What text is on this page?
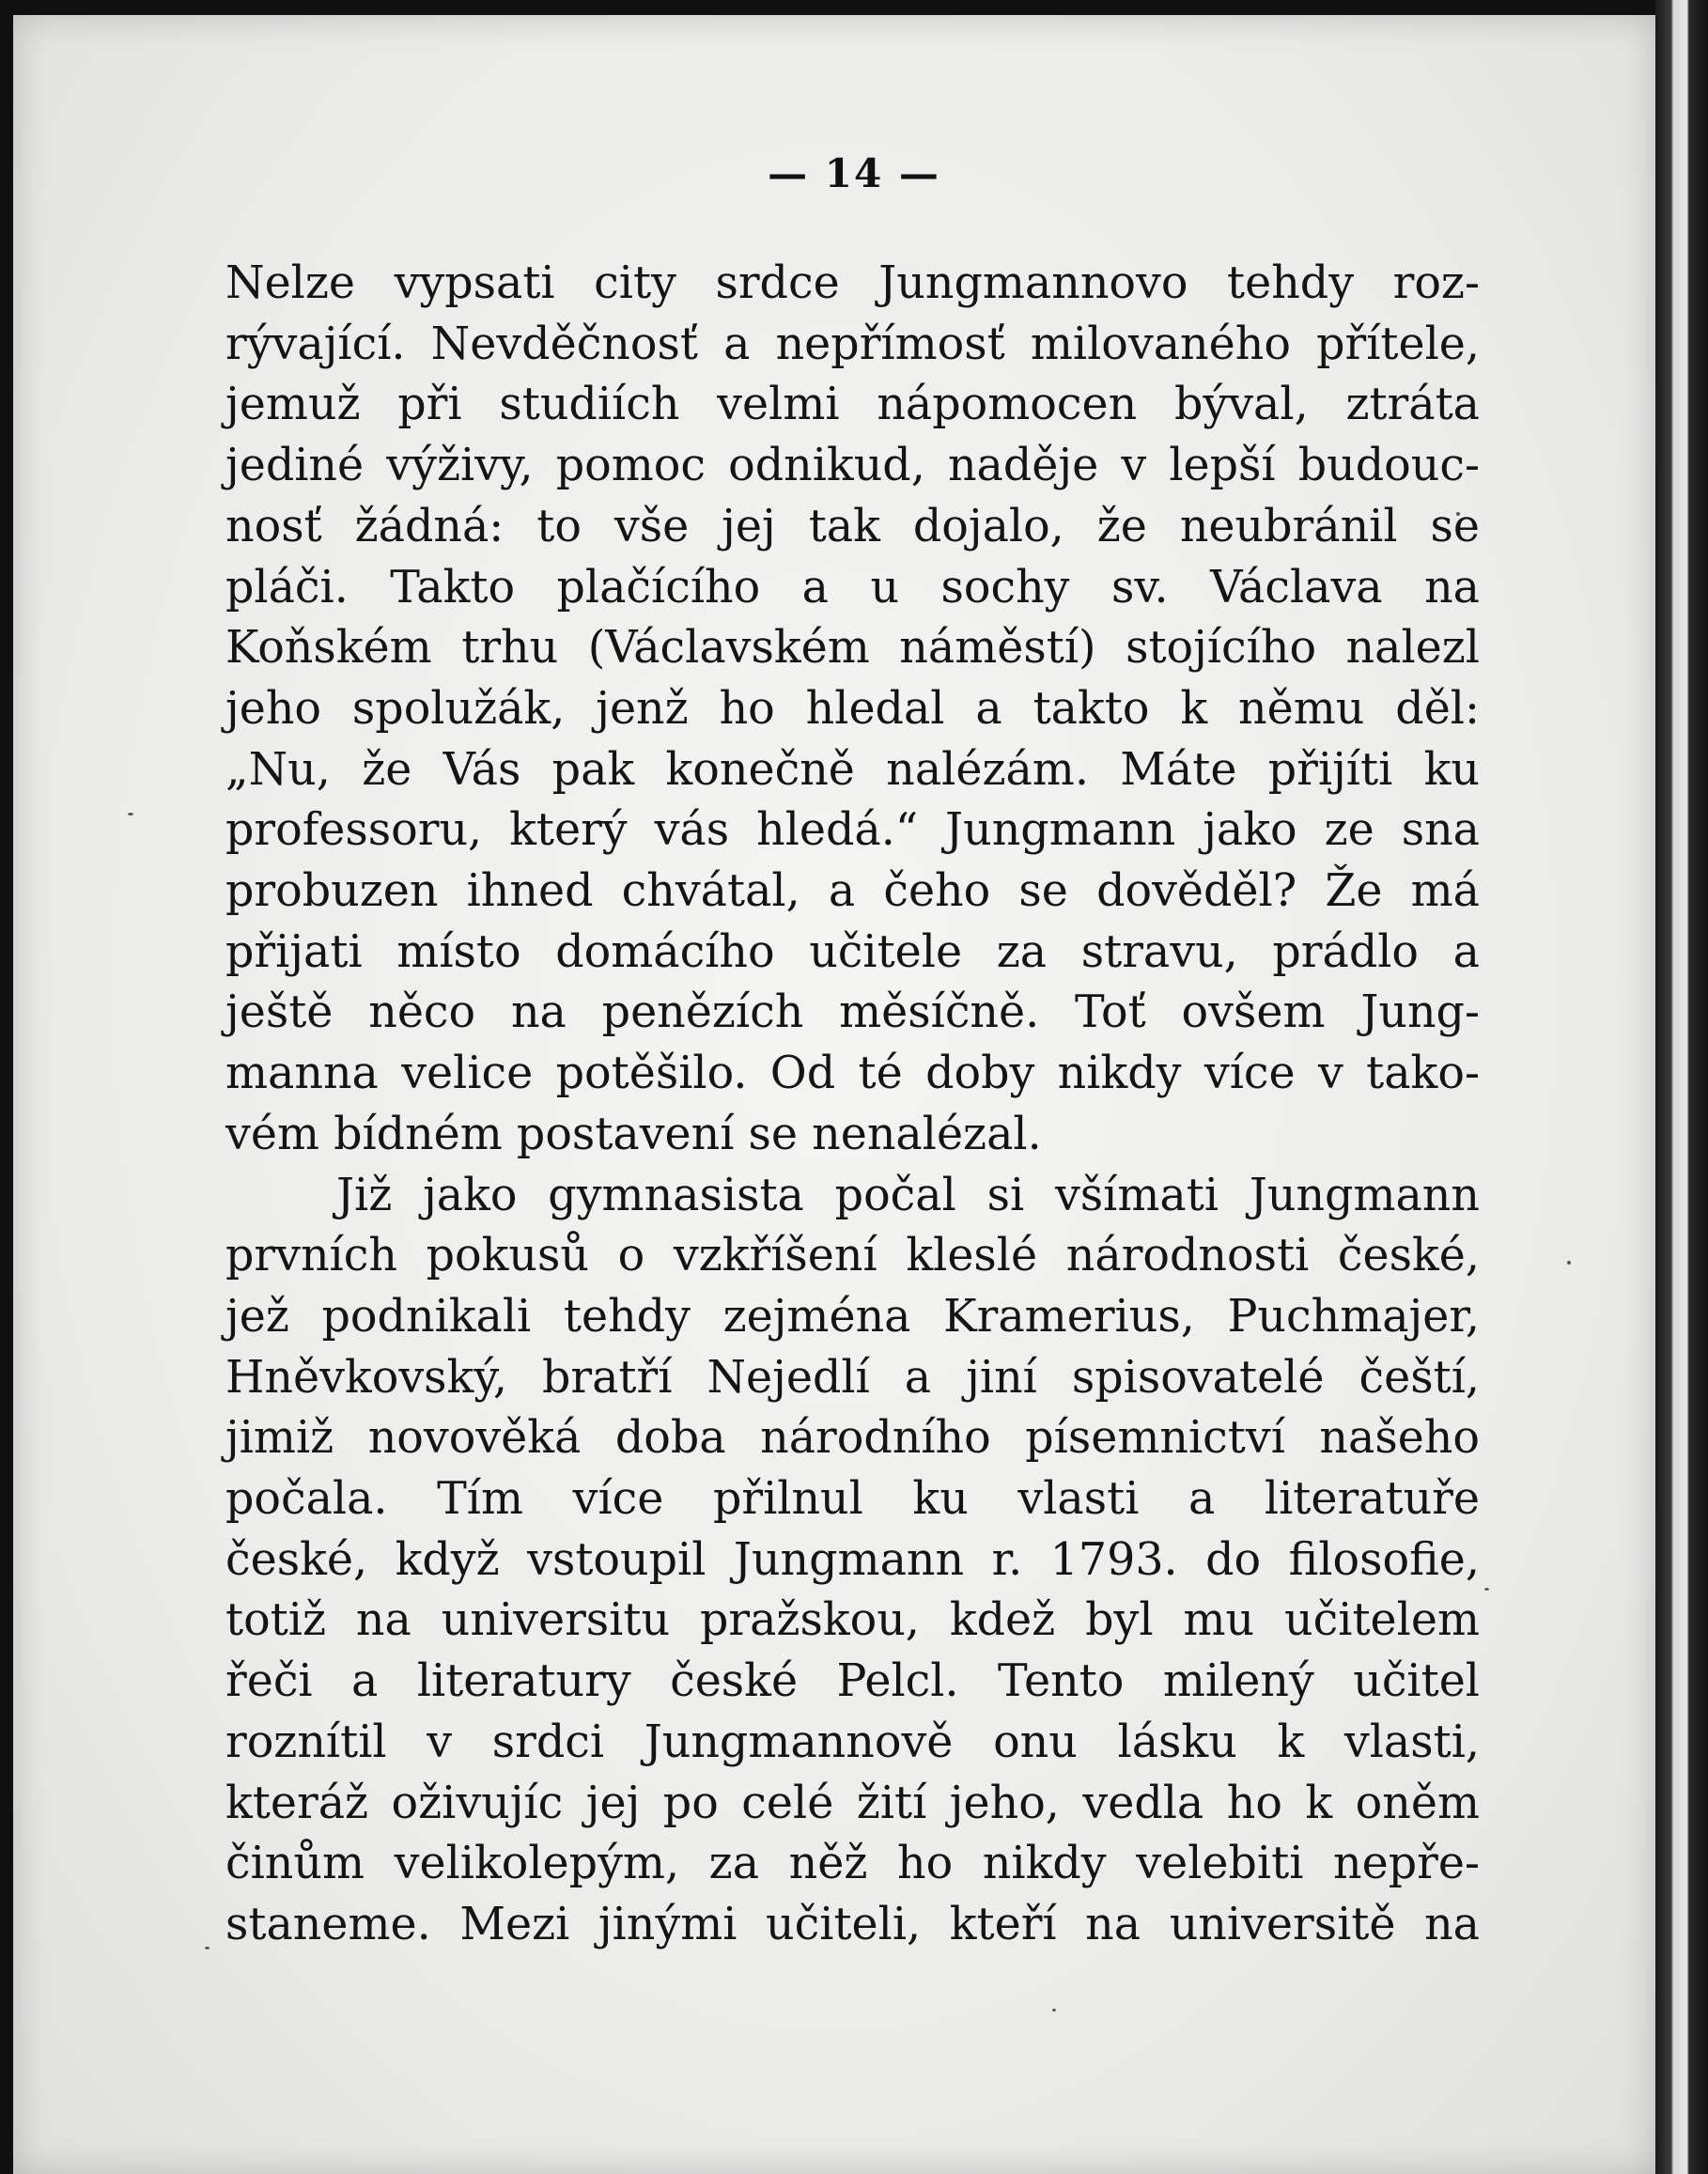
— 14 —
Nelze vypsati city srdce Jungmannovo tehdy roz-
rývající. Nevděčnosť a nepřímosť milovaného přítele,
jemuž při studiích velmi nápomocen býval, ztráta
jediné výživy, pomoc odnikud, naděje v lepší budouc-
nosť žádná: to vše jej tak dojalo, že neubránil se
pláči. Takto plačícího a u sochy sv. Václava na
Koňském trhu (Václavském náměstí) stojícího nalezl
jeho spolužák, jenž ho hledal a takto k němu děl:
„Nu, že Vás pak konečně nalézám. Máte přijíti ku
professoru, který vás hledá.“ Jungmann jako ze sna
probuzen ihned chvátal, a čeho se dověděl? Že má
přijati místo domácího učitele za stravu, prádlo a
ještě něco na penězích měsíčně. Toť ovšem Jung-
manna velice potěšilo. Od té doby nikdy více v tako-
vém bídném postavení se nenalézal.
Již jako gymnasista počal si všímati Jungmann
prvních pokusů o vzkříšení kleslé národnosti české,
jež podnikali tehdy zejména Kramerius, Puchmajer,
Hněvkovský, bratří Nejedlí a jiní spisovatelé čeští,
jimiž novověká doba národního písemnictví našeho
počala. Tím více přilnul ku vlasti a literatuře
české, když vstoupil Jungmann r. 1793. do filosofie,
totiž na universitu pražskou, kdež byl mu učitelem
řeči a literatury české Pelcl. Tento milený učitel
roznítil v srdci Jungmannově onu lásku k vlasti,
kteráž oživujíc jej po celé žití jeho, vedla ho k oněm
činům velikolepým, za něž ho nikdy velebiti nepře-
staneme. Mezi jinými učiteli, kteří na universitě na
